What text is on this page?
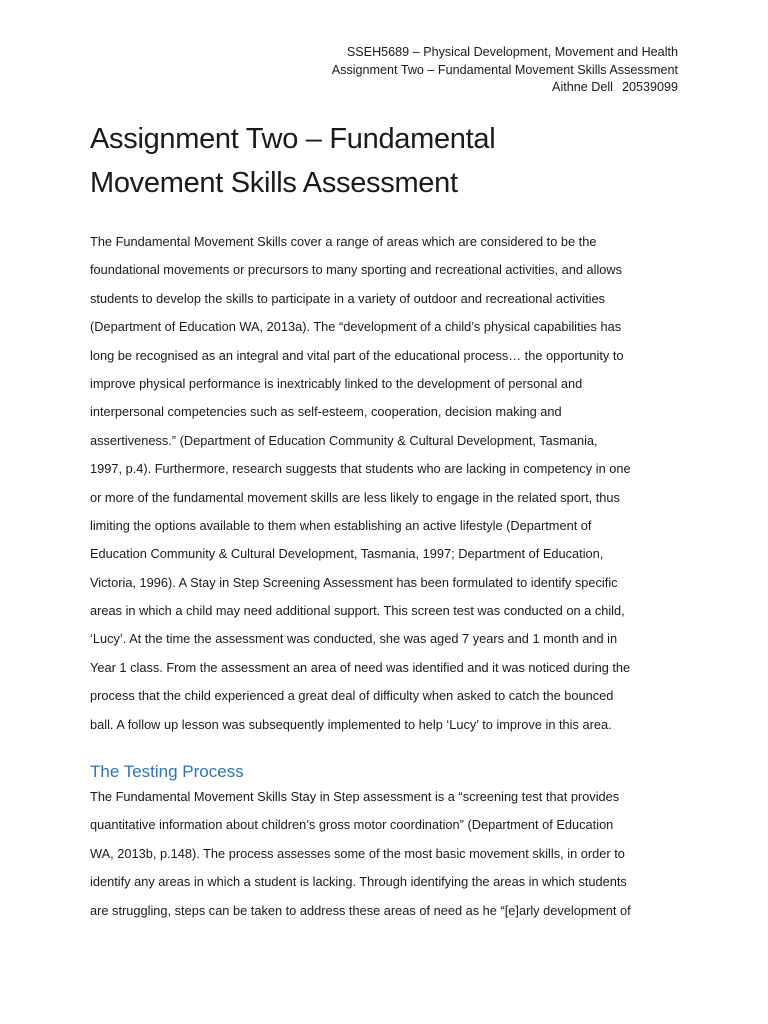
SSEH5689 – Physical Development, Movement and Health
Assignment Two – Fundamental Movement Skills Assessment
Aithne Dell 20539099
Assignment Two – Fundamental
Movement Skills Assessment
The Fundamental Movement Skills cover a range of areas which are considered to be the
foundational movements or precursors to many sporting and recreational activities, and allows
students to develop the skills to participate in a variety of outdoor and recreational activities
(Department of Education WA, 2013a). The “development of a child’s physical capabilities has
long be recognised as an integral and vital part of the educational process… the opportunity to
improve physical performance is inextricably linked to the development of personal and
interpersonal competencies such as self-esteem, cooperation, decision making and
assertiveness.” (Department of Education Community & Cultural Development, Tasmania,
1997, p.4). Furthermore, research suggests that students who are lacking in competency in one
or more of the fundamental movement skills are less likely to engage in the related sport, thus
limiting the options available to them when establishing an active lifestyle (Department of
Education Community & Cultural Development, Tasmania, 1997; Department of Education,
Victoria, 1996). A Stay in Step Screening Assessment has been formulated to identify specific
areas in which a child may need additional support. This screen test was conducted on a child,
‘Lucy’. At the time the assessment was conducted, she was aged 7 years and 1 month and in
Year 1 class. From the assessment an area of need was identified and it was noticed during the
process that the child experienced a great deal of difficulty when asked to catch the bounced
ball. A follow up lesson was subsequently implemented to help ‘Lucy’ to improve in this area.
The Testing Process
The Fundamental Movement Skills Stay in Step assessment is a “screening test that provides
quantitative information about children’s gross motor coordination” (Department of Education
WA, 2013b, p.148). The process assesses some of the most basic movement skills, in order to
identify any areas in which a student is lacking. Through identifying the areas in which students
are struggling, steps can be taken to address these areas of need as he “[e]arly development of
